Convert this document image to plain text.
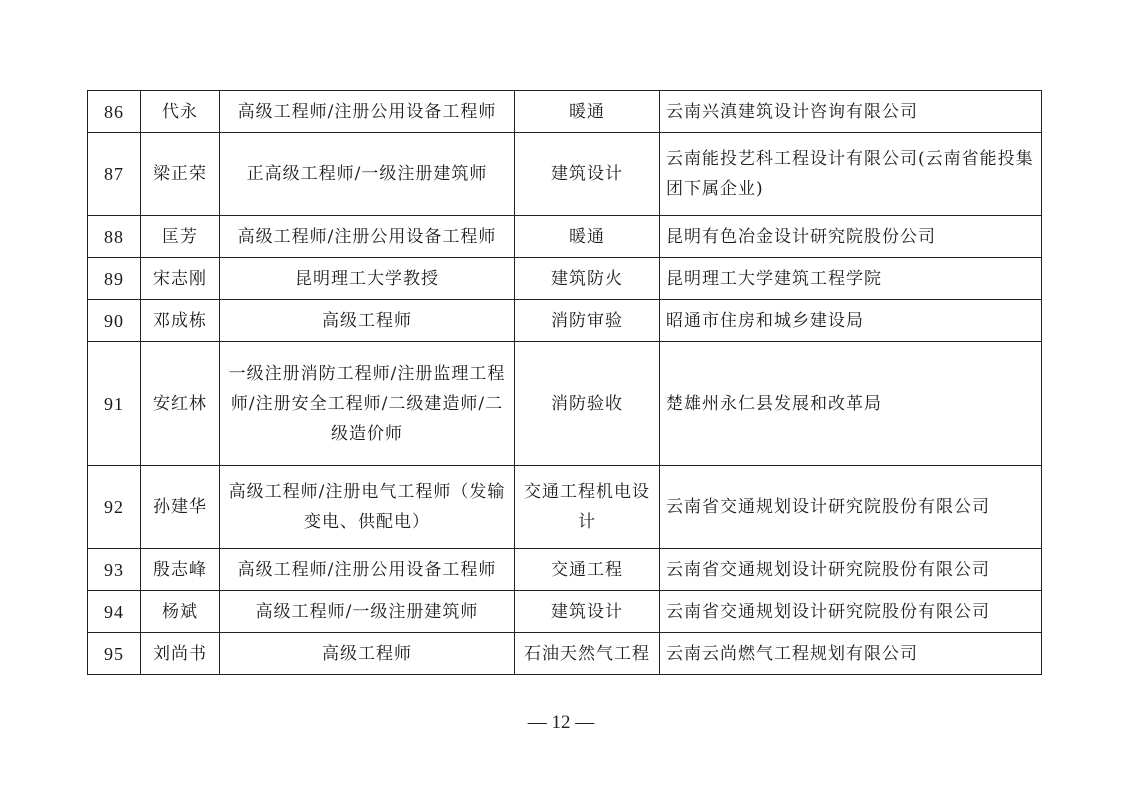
86	代永	高级工程师/注册公用设备工程师	暖通	云南兴滇建筑设计咨询有限公司
87	梁正荣	正高级工程师/一级注册建筑师	建筑设计	云南能投艺科工程设计有限公司(云南省能投集团下属企业)
88	匡芳	高级工程师/注册公用设备工程师	暖通	昆明有色冶金设计研究院股份公司
89	宋志刚	昆明理工大学教授	建筑防火	昆明理工大学建筑工程学院
90	邓成栋	高级工程师	消防审验	昭通市住房和城乡建设局
91	安红林	一级注册消防工程师/注册监理工程师/注册安全工程师/二级建造师/二级造价师	消防验收	楚雄州永仁县发展和改革局
92	孙建华	高级工程师/注册电气工程师（发输变电、供配电）	交通工程机电设计	云南省交通规划设计研究院股份有限公司
93	殷志峰	高级工程师/注册公用设备工程师	交通工程	云南省交通规划设计研究院股份有限公司
94	杨斌	高级工程师/一级注册建筑师	建筑设计	云南省交通规划设计研究院股份有限公司
95	刘尚书	高级工程师	石油天然气工程	云南云尚燃气工程规划有限公司
— 12 —
